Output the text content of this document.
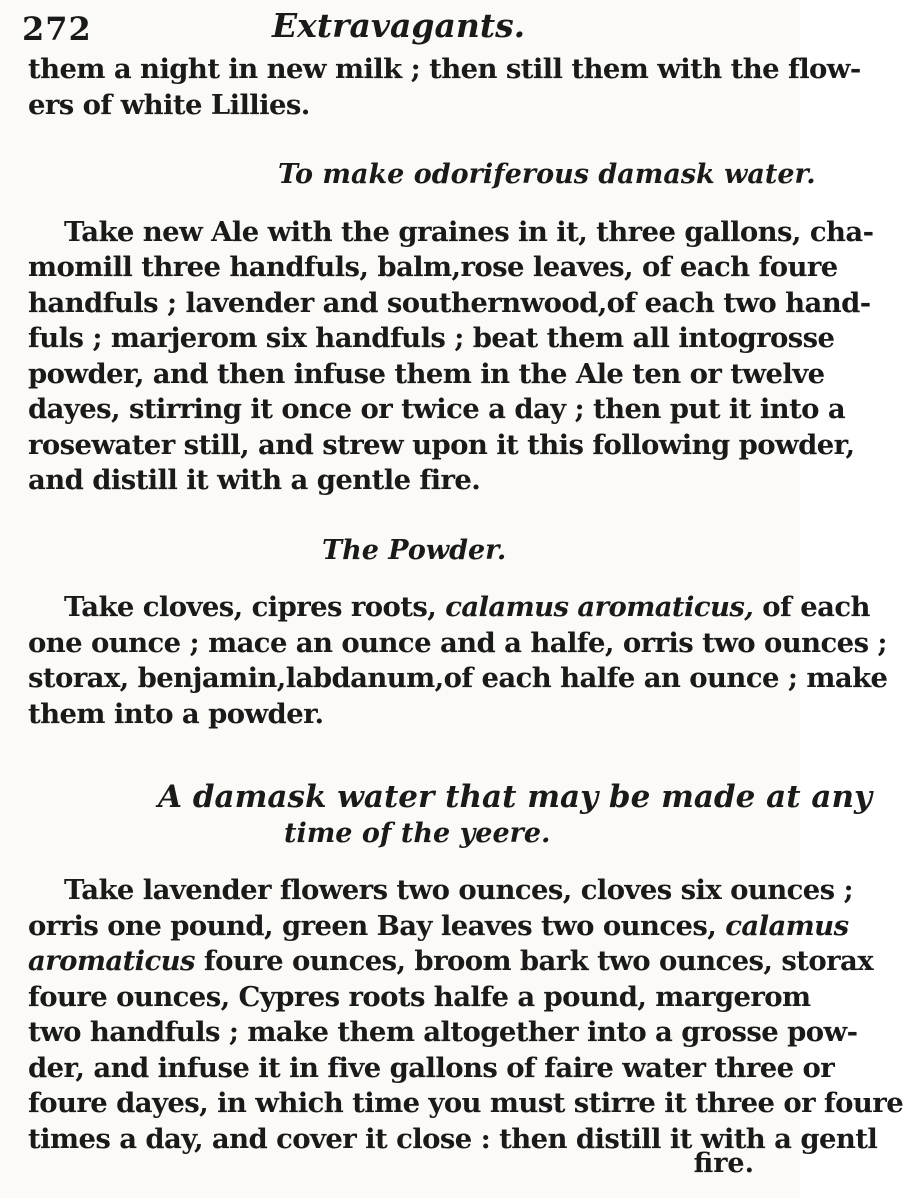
272	Extravagants.
them a night in new milk ; then still them with the flow-
ers of white Lillies.
To make odoriferous damask water.
Take new Ale with the graines in it, three gallons, cha-
momill three handfuls, balm,rose leaves, of each foure
handfuls ; lavender and southernwood,of each two hand-
fuls ; marjerom six handfuls ; beat them all intogrosse
powder, and then infuse them in the Ale ten or twelve
dayes, stirring it once or twice a day ; then put it into a
rosewater still, and strew upon it this following powder,
and distill it with a gentle fire.
The Powder.
Take cloves, cipres roots, calamus aromaticus, of each
one ounce ; mace an ounce and a halfe, orris two ounces ;
storax, benjamin,labdanum,of each halfe an ounce ; make
them into a powder.
A damask water that may be made at any
time of the yeere.
Take lavender flowers two ounces, cloves six ounces ;
orris one pound, green Bay leaves two ounces, calamus
aromaticus foure ounces, broom bark two ounces, storax
foure ounces, Cypres roots halfe a pound, margerom
two handfuls ; make them altogether into a grosse pow-
der, and infuse it in five gallons of faire water three or
foure dayes, in which time you must stirre it three or foure
times a day, and cover it close : then distill it with a gentl
fire.
